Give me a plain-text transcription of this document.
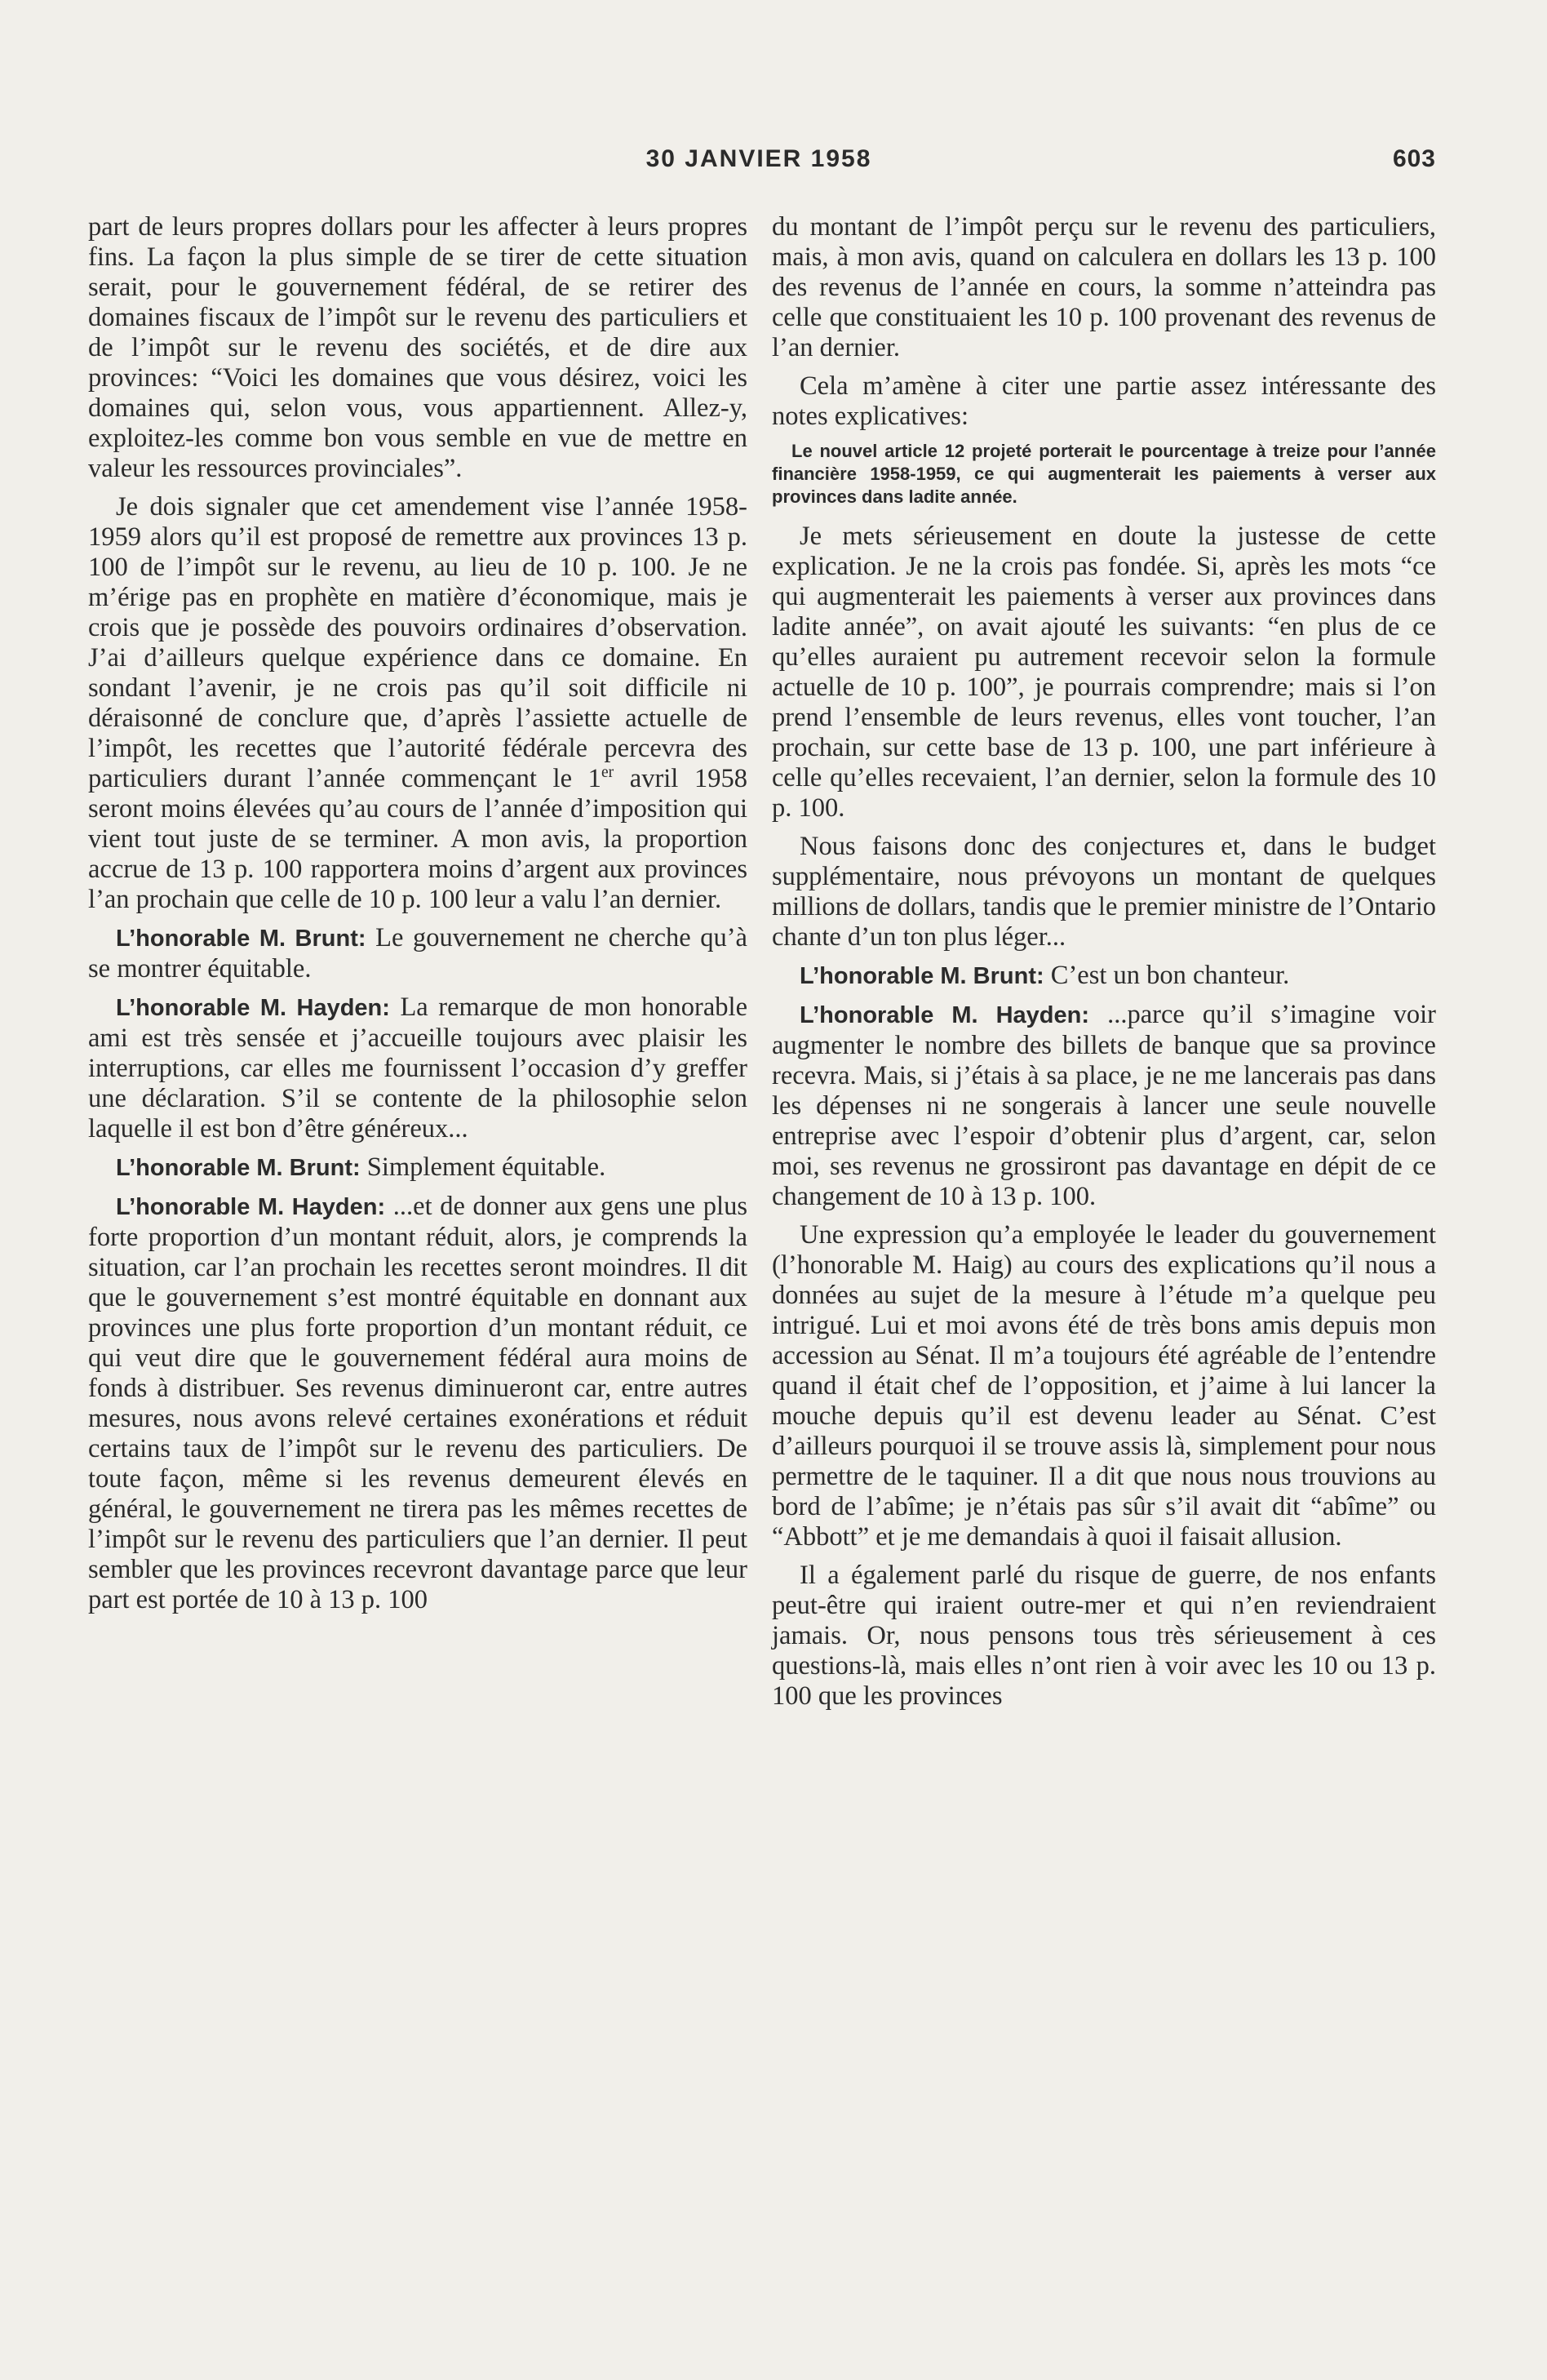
30 JANVIER 1958	603

part de leurs propres dollars pour les affecter à leurs propres fins. La façon la plus simple de se tirer de cette situation serait, pour le gouvernement fédéral, de se retirer des domaines fiscaux de l’impôt sur le revenu des particuliers et de l’impôt sur le revenu des sociétés, et de dire aux provinces: “Voici les domaines que vous désirez, voici les domaines qui, selon vous, vous appartiennent. Allez-y, exploitez-les comme bon vous semble en vue de mettre en valeur les ressources provinciales”.

Je dois signaler que cet amendement vise l’année 1958-1959 alors qu’il est proposé de remettre aux provinces 13 p. 100 de l’impôt sur le revenu, au lieu de 10 p. 100. Je ne m’érige pas en prophète en matière d’économique, mais je crois que je possède des pouvoirs ordinaires d’observation. J’ai d’ailleurs quelque expérience dans ce domaine. En sondant l’avenir, je ne crois pas qu’il soit difficile ni déraisonné de conclure que, d’après l’assiette actuelle de l’impôt, les recettes que l’autorité fédérale percevra des particuliers durant l’année commençant le 1er avril 1958 seront moins élevées qu’au cours de l’année d’imposition qui vient tout juste de se terminer. A mon avis, la proportion accrue de 13 p. 100 rapportera moins d’argent aux provinces l’an prochain que celle de 10 p. 100 leur a valu l’an dernier.

L’honorable M. Brunt: Le gouvernement ne cherche qu’à se montrer équitable.

L’honorable M. Hayden: La remarque de mon honorable ami est très sensée et j’accueille toujours avec plaisir les interruptions, car elles me fournissent l’occasion d’y greffer une déclaration. S’il se contente de la philosophie selon laquelle il est bon d’être généreux...

L’honorable M. Brunt: Simplement équitable.

L’honorable M. Hayden: ...et de donner aux gens une plus forte proportion d’un montant réduit, alors, je comprends la situation, car l’an prochain les recettes seront moindres. Il dit que le gouvernement s’est montré équitable en donnant aux provinces une plus forte proportion d’un montant réduit, ce qui veut dire que le gouvernement fédéral aura moins de fonds à distribuer. Ses revenus diminueront car, entre autres mesures, nous avons relevé certaines exonérations et réduit certains taux de l’impôt sur le revenu des particuliers. De toute façon, même si les revenus demeurent élevés en général, le gouvernement ne tirera pas les mêmes recettes de l’impôt sur le revenu des particuliers que l’an dernier. Il peut sembler que les provinces recevront davantage parce que leur part est portée de 10 à 13 p. 100

du montant de l’impôt perçu sur le revenu des particuliers, mais, à mon avis, quand on calculera en dollars les 13 p. 100 des revenus de l’année en cours, la somme n’atteindra pas celle que constituaient les 10 p. 100 provenant des revenus de l’an dernier.

Cela m’amène à citer une partie assez intéressante des notes explicatives:

Le nouvel article 12 projeté porterait le pourcentage à treize pour l’année financière 1958-1959, ce qui augmenterait les paiements à verser aux provinces dans ladite année.

Je mets sérieusement en doute la justesse de cette explication. Je ne la crois pas fondée. Si, après les mots “ce qui augmenterait les paiements à verser aux provinces dans ladite année”, on avait ajouté les suivants: “en plus de ce qu’elles auraient pu autrement recevoir selon la formule actuelle de 10 p. 100”, je pourrais comprendre; mais si l’on prend l’ensemble de leurs revenus, elles vont toucher, l’an prochain, sur cette base de 13 p. 100, une part inférieure à celle qu’elles recevaient, l’an dernier, selon la formule des 10 p. 100.

Nous faisons donc des conjectures et, dans le budget supplémentaire, nous prévoyons un montant de quelques millions de dollars, tandis que le premier ministre de l’Ontario chante d’un ton plus léger...

L’honorable M. Brunt: C’est un bon chanteur.

L’honorable M. Hayden: ...parce qu’il s’imagine voir augmenter le nombre des billets de banque que sa province recevra. Mais, si j’étais à sa place, je ne me lancerais pas dans les dépenses ni ne songerais à lancer une seule nouvelle entreprise avec l’espoir d’obtenir plus d’argent, car, selon moi, ses revenus ne grossiront pas davantage en dépit de ce changement de 10 à 13 p. 100.

Une expression qu’a employée le leader du gouvernement (l’honorable M. Haig) au cours des explications qu’il nous a données au sujet de la mesure à l’étude m’a quelque peu intrigué. Lui et moi avons été de très bons amis depuis mon accession au Sénat. Il m’a toujours été agréable de l’entendre quand il était chef de l’opposition, et j’aime à lui lancer la mouche depuis qu’il est devenu leader au Sénat. C’est d’ailleurs pourquoi il se trouve assis là, simplement pour nous permettre de le taquiner. Il a dit que nous nous trouvions au bord de l’abîme; je n’étais pas sûr s’il avait dit “abîme” ou “Abbott” et je me demandais à quoi il faisait allusion.

Il a également parlé du risque de guerre, de nos enfants peut-être qui iraient outre-mer et qui n’en reviendraient jamais. Or, nous pensons tous très sérieusement à ces questions-là, mais elles n’ont rien à voir avec les 10 ou 13 p. 100 que les provinces
